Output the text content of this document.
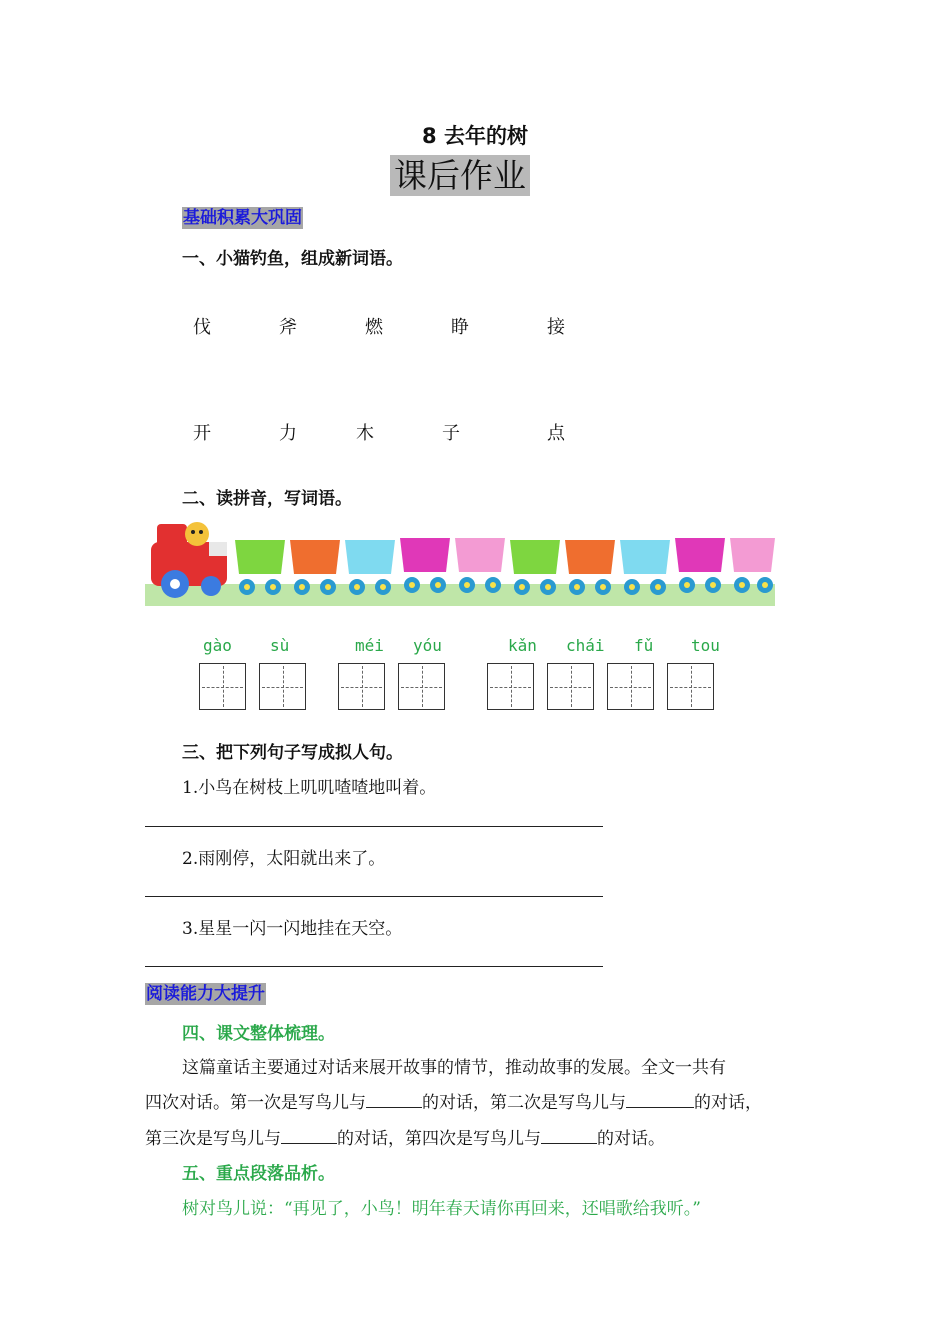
8 去年的树
课后作业
基础积累大巩固
一、小猫钓鱼，组成新词语。
伐	斧	燃	睁	接
开	力	木	子	点
二、读拼音，写词语。
gào sù	méi yóu	kǎn chái fǔ tou
三、把下列句子写成拟人句。
1.小鸟在树枝上叽叽喳喳地叫着。
2.雨刚停，太阳就出来了。
3.星星一闪一闪地挂在天空。
阅读能力大提升
四、课文整体梳理。
这篇童话主要通过对话来展开故事的情节，推动故事的发展。全文一共有
四次对话。第一次是写鸟儿与	的对话，第二次是写鸟儿与	的对话，
第三次是写鸟儿与	的对话，第四次是写鸟儿与	的对话。
五、重点段落品析。
树对鸟儿说：“再见了，小鸟！明年春天请你再回来，还唱歌给我听。”
